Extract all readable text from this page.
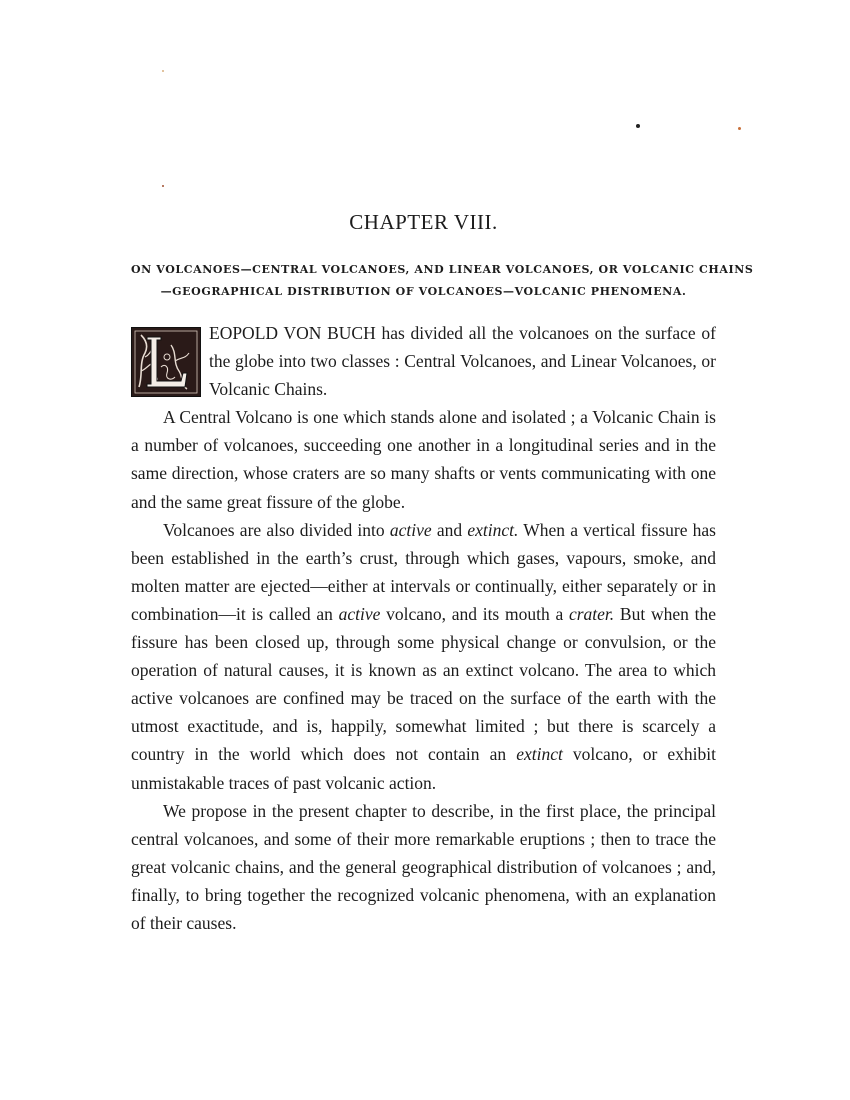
CHAPTER VIII.
ON VOLCANOES—CENTRAL VOLCANOES, AND LINEAR VOLCANOES, OR VOLCANIC CHAINS
—GEOGRAPHICAL DISTRIBUTION OF VOLCANOES—VOLCANIC PHENOMENA.

EOPOLD VON BUCH has divided all the volcanoes on the surface of the globe into two classes : Central Volcanoes, and Linear Volcanoes, or Volcanic Chains.

A Central Volcano is one which stands alone and isolated ; a Volcanic Chain is a number of volcanoes, succeeding one another in a longitudinal series and in the same direction, whose craters are so many shafts or vents communicating with one and the same great fissure of the globe.

Volcanoes are also divided into active and extinct. When a vertical fissure has been established in the earth’s crust, through which gases, vapours, smoke, and molten matter are ejected—either at intervals or continually, either separately or in combination—it is called an active volcano, and its mouth a crater. But when the fissure has been closed up, through some physical change or convulsion, or the operation of natural causes, it is known as an extinct volcano. The area to which active volcanoes are confined may be traced on the surface of the earth with the utmost exactitude, and is, happily, somewhat limited ; but there is scarcely a country in the world which does not contain an extinct volcano, or exhibit unmistakable traces of past volcanic action.

We propose in the present chapter to describe, in the first place, the principal central volcanoes, and some of their more remarkable eruptions ; then to trace the great volcanic chains, and the general geographical distribution of volcanoes ; and, finally, to bring together the recognized volcanic phenomena, with an explanation of their causes.
